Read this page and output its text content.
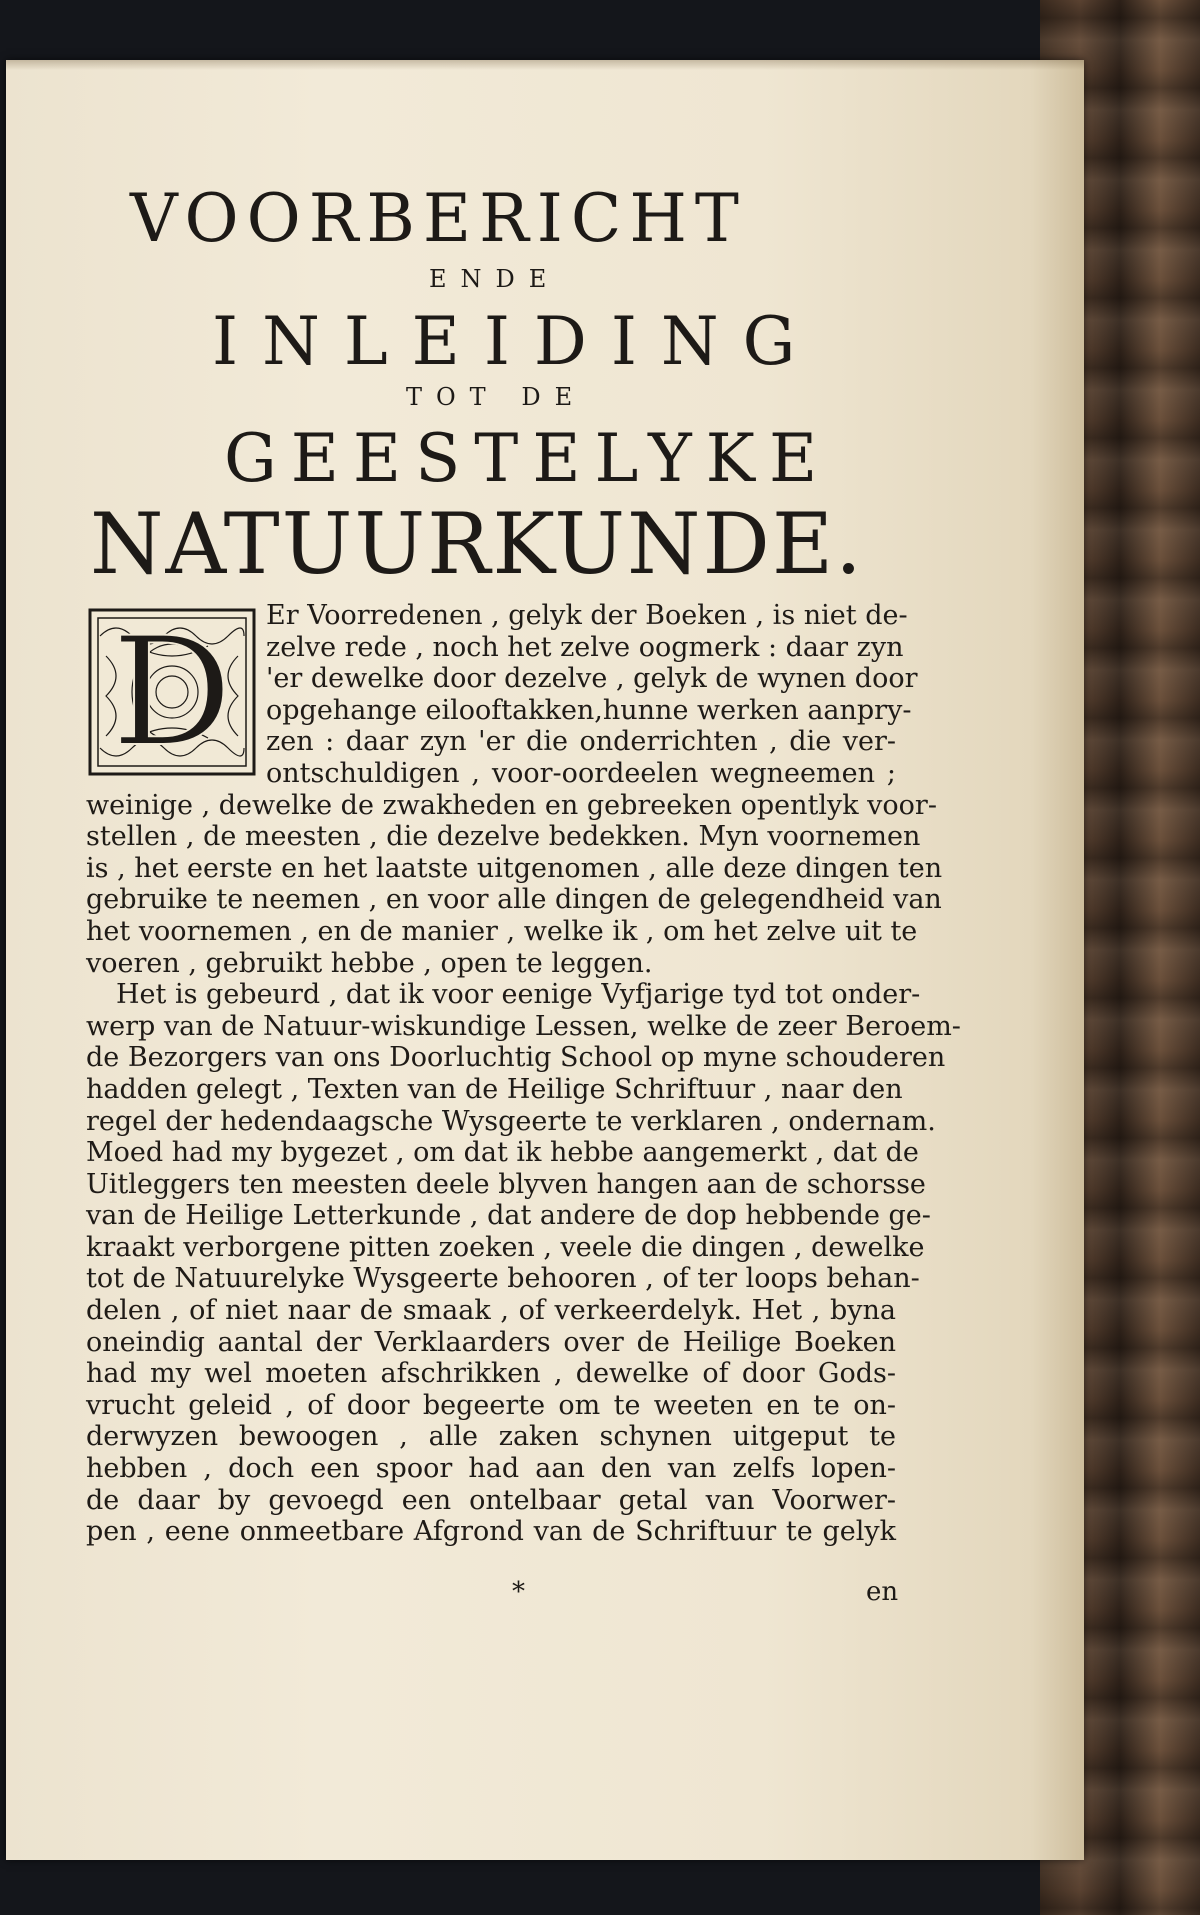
VOORBERICHT
ENDE
INLEIDING
TOT DE
GEESTELYKE
NATUURKUNDE.
D Er Voorredenen , gelyk der Boeken , is niet de-
zelve rede , noch het zelve oogmerk : daar zyn
'er dewelke door dezelve , gelyk de wynen door
opgehange eilooftakken,hunne werken aanpry-
zen : daar zyn 'er die onderrichten , die ver-
ontschuldigen , voor-oordeelen wegneemen ;
weinige , dewelke de zwakheden en gebreeken opentlyk voor-
stellen , de meesten , die dezelve bedekken. Myn voornemen
is , het eerste en het laatste uitgenomen , alle deze dingen ten
gebruike te neemen , en voor alle dingen de gelegendheid van
het voornemen , en de manier , welke ik , om het zelve uit te
voeren , gebruikt hebbe , open te leggen.
Het is gebeurd , dat ik voor eenige Vyfjarige tyd tot onder-
werp van de Natuur-wiskundige Lessen, welke de zeer Beroem-
de Bezorgers van ons Doorluchtig School op myne schouderen
hadden gelegt , Texten van de Heilige Schriftuur , naar den
regel der hedendaagsche Wysgeerte te verklaren , ondernam.
Moed had my bygezet , om dat ik hebbe aangemerkt , dat de
Uitleggers ten meesten deele blyven hangen aan de schorsse
van de Heilige Letterkunde , dat andere de dop hebbende ge-
kraakt verborgene pitten zoeken , veele die dingen , dewelke
tot de Natuurelyke Wysgeerte behooren , of ter loops behan-
delen , of niet naar de smaak , of verkeerdelyk. Het , byna
oneindig aantal der Verklaarders over de Heilige Boeken
had my wel moeten afschrikken , dewelke of door Gods-
vrucht geleid , of door begeerte om te weeten en te on-
derwyzen bewoogen , alle zaken schynen uitgeput te
hebben , doch een spoor had aan den van zelfs lopen-
de daar by gevoegd een ontelbaar getal van Voorwer-
pen , eene onmeetbare Afgrond van de Schriftuur te gelyk
*	en
